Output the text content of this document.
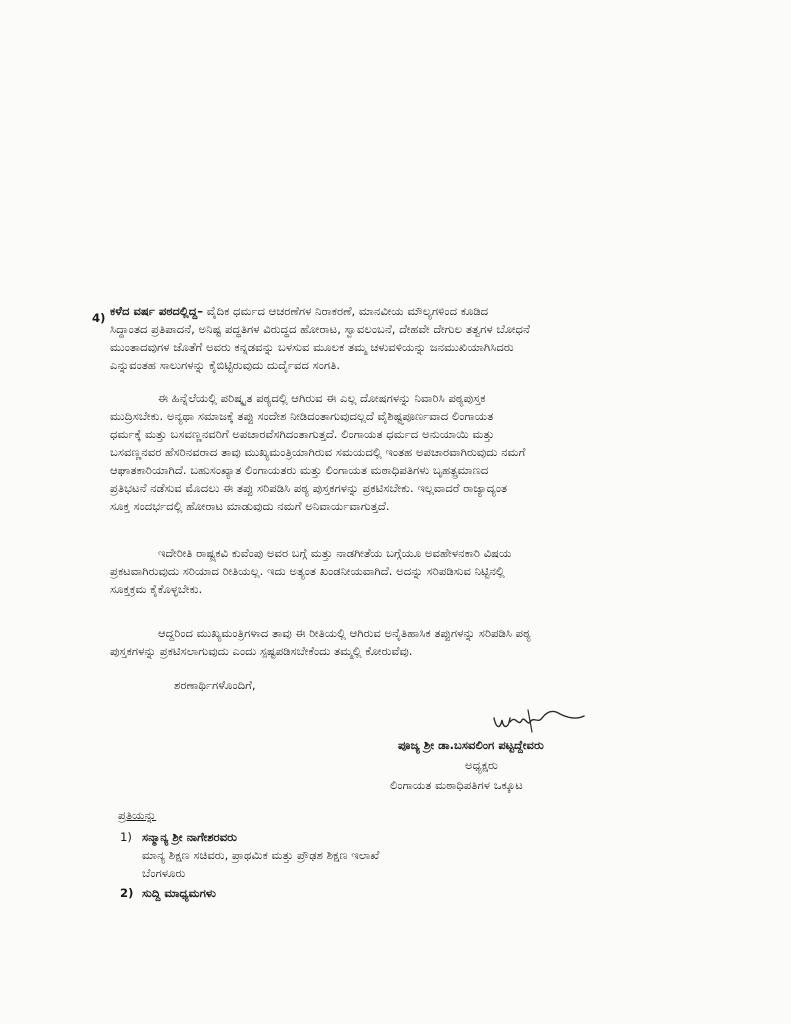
4) ಕಳೆದ ವರ್ಷ ಪಠದಲ್ಲಿದ್ದ– ವೈದಿಕ ಧರ್ಮದ ಆಚರಣೆಗಳ ನಿರಾಕರಣೆ, ಮಾನವೀಯ ಮೌಲ್ಯಗಳಿಂದ ಕೂಡಿದ
ಸಿದ್ಧಾಂತದ ಪ್ರತಿಪಾದನೆ, ಅನಿಷ್ಟ ಪದ್ಧತಿಗಳ ವಿರುದ್ಧದ ಹೋರಾಟ, ಸ್ವಾವಲಂಬನೆ, ದೇಹವೇ ದೇಗುಲ ತತ್ವಗಳ ಬೋಧನೆ
ಮುಂತಾದವುಗಳ ಜೊತೆಗೆ ಅವರು ಕನ್ನಡವನ್ನು ಬಳಸುವ ಮೂಲಕ ತಮ್ಮ ಚಳುವಳಿಯನ್ನು ಜನಮುಖಿಯಾಗಿಸಿದರು
ಎನ್ನುವಂತಹ ಸಾಲುಗಳನ್ನು ಕೈಬಿಟ್ಟಿರುವುದು ದುರ್ದೈವದ ಸಂಗತಿ.
ಈ ಹಿನ್ನೆಲೆಯಲ್ಲಿ ಪರಿಷ್ಕೃತ ಪಠ್ಯದಲ್ಲಿ ಆಗಿರುವ ಈ ಎಲ್ಲ ದೋಷಗಳನ್ನು ನಿವಾರಿಸಿ ಪಠ್ಯಪುಸ್ತಕ
ಮುದ್ರಿಸಬೇಕು. ಅನ್ಯಥಾ ಸಮಾಜಕ್ಕೆ ತಪ್ಪು ಸಂದೇಶ ನೀಡಿದಂತಾಗುವುದಲ್ಲದೆ ವೈಶಿಷ್ಟ್ಯಪೂರ್ಣವಾದ ಲಿಂಗಾಯತ
ಧರ್ಮಕ್ಕೆ ಮತ್ತು ಬಸವಣ್ಣನವರಿಗೆ ಅಪಚಾರವೆಸಗಿದಂತಾಗುತ್ತದೆ. ಲಿಂಗಾಯತ ಧರ್ಮದ ಅನುಯಾಯಿ ಮತ್ತು
ಬಸವಣ್ಣನವರ ಹೆಸರಿನವರಾದ ತಾವು ಮುಖ್ಯಮಂತ್ರಿಯಾಗಿರುವ ಸಮಯದಲ್ಲಿ ಇಂತಹ ಅಪಚಾರವಾಗಿರುವುದು ನಮಗೆ
ಆಘಾತಕಾರಿಯಾಗಿದೆ. ಬಹುಸಂಖ್ಯಾತ ಲಿಂಗಾಯತರು ಮತ್ತು ಲಿಂಗಾಯತ ಮಠಾಧಿಪತಿಗಳು ಬೃಹತ್ಪ್ರಮಾಣದ
ಪ್ರತಿಭಟನೆ ನಡೆಸುವ ಮೊದಲು ಈ ತಪ್ಪು ಸರಿಪಡಿಸಿ ಪಠ್ಯ ಪುಸ್ತಕಗಳನ್ನು ಪ್ರಕಟಿಸಬೇಕು. ಇಲ್ಲವಾದರೆ ರಾಜ್ಯಾದ್ಯಂತ
ಸೂಕ್ತ ಸಂದರ್ಭದಲ್ಲಿ ಹೋರಾಟ ಮಾಡುವುದು ನಮಗೆ ಅನಿವಾರ್ಯವಾಗುತ್ತದೆ.
ಇದೇರೀತಿ ರಾಷ್ಟ್ರಕವಿ ಕುವೆಂಪು ಅವರ ಬಗ್ಗೆ ಮತ್ತು ನಾಡಗೀತೆಯ ಬಗ್ಗೆಯೂ ಅವಹೇಳನಕಾರಿ ವಿಷಯ
ಪ್ರಕಟವಾಗಿರುವುದು ಸರಿಯಾದ ರೀತಿಯಲ್ಲ. ಇದು ಅತ್ಯಂತ ಖಂಡನೀಯವಾಗಿದೆ. ಅದನ್ನು ಸರಿಪಡಿಸುವ ನಿಟ್ಟಿನಲ್ಲಿ
ಸೂಕ್ತಕ್ರಮ ಕೈಕೊಳ್ಳಬೇಕು.
ಆದ್ದರಿಂದ ಮುಖ್ಯಮಂತ್ರಿಗಳಾದ ತಾವು ಈ ರೀತಿಯಲ್ಲಿ ಆಗಿರುವ ಅನೈತಿಹಾಸಿಕ ತಪ್ಪುಗಳನ್ನು ಸರಿಪಡಿಸಿ ಪಠ್ಯ
ಪುಸ್ತಕಗಳನ್ನು ಪ್ರಕಟಿಸಲಾಗುವುದು ಎಂದು ಸ್ಪಷ್ಟಪಡಿಸಬೇಕೆಂದು ತಮ್ಮಲ್ಲಿ ಕೋರುವೆವು.
ಶರಣಾರ್ಥಿಗಳೊಂದಿಗೆ,
ಪೂಜ್ಯ ಶ್ರೀ ಡಾ.ಬಸವಲಿಂಗ ಪಟ್ಟದ್ದೇವರು
ಅಧ್ಯಕ್ಷರು
ಲಿಂಗಾಯತ ಮಠಾಧಿಪತಿಗಳ ಒಕ್ಕೂಟ
ಪ್ರತಿಯನ್ನು
1) ಸನ್ಮಾನ್ಯ ಶ್ರೀ ನಾಗೇಶರವರು
ಮಾನ್ಯ ಶಿಕ್ಷಣ ಸಚಿವರು, ಪ್ರಾಥಮಿಕ ಮತ್ತು ಪ್ರೌಢಶ ಶಿಕ್ಷಣ ಇಲಾಖೆ
ಬೆಂಗಳೂರು
2) ಸುದ್ದಿ ಮಾಧ್ಯಮಗಳು
